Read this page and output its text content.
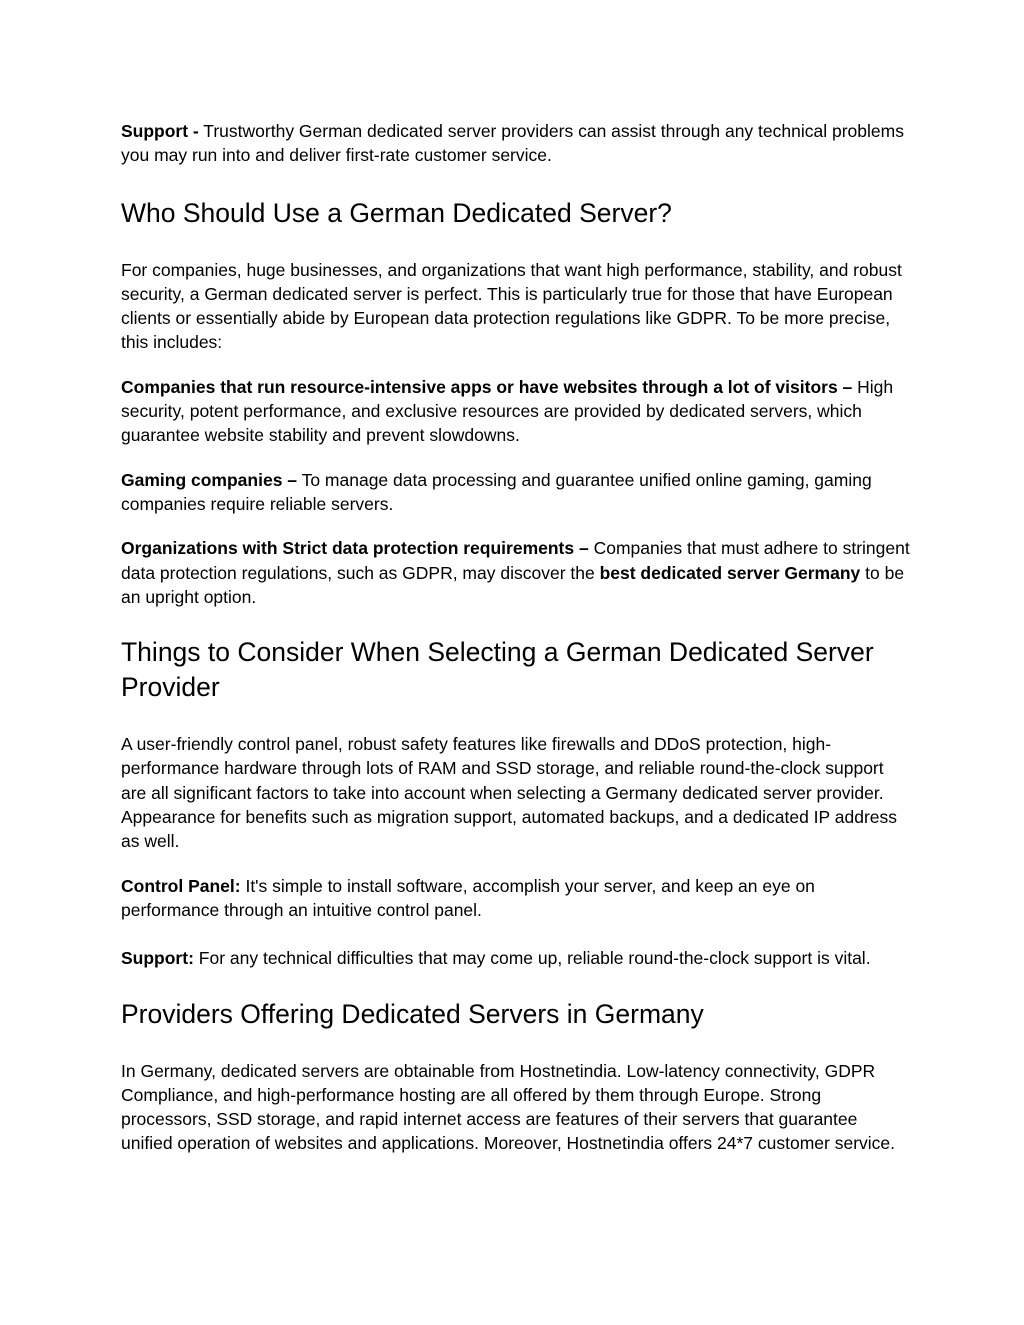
Support - Trustworthy German dedicated server providers can assist through any technical problems you may run into and deliver first-rate customer service.

Who Should Use a German Dedicated Server?

For companies, huge businesses, and organizations that want high performance, stability, and robust security, a German dedicated server is perfect. This is particularly true for those that have European clients or essentially abide by European data protection regulations like GDPR. To be more precise, this includes:

Companies that run resource-intensive apps or have websites through a lot of visitors – High security, potent performance, and exclusive resources are provided by dedicated servers, which guarantee website stability and prevent slowdowns.

Gaming companies – To manage data processing and guarantee unified online gaming, gaming companies require reliable servers.

Organizations with Strict data protection requirements – Companies that must adhere to stringent data protection regulations, such as GDPR, may discover the best dedicated server Germany to be an upright option.

Things to Consider When Selecting a German Dedicated Server Provider

A user-friendly control panel, robust safety features like firewalls and DDoS protection, high-performance hardware through lots of RAM and SSD storage, and reliable round-the-clock support are all significant factors to take into account when selecting a Germany dedicated server provider. Appearance for benefits such as migration support, automated backups, and a dedicated IP address as well.

Control Panel: It's simple to install software, accomplish your server, and keep an eye on performance through an intuitive control panel.

Support: For any technical difficulties that may come up, reliable round-the-clock support is vital.

Providers Offering Dedicated Servers in Germany

In Germany, dedicated servers are obtainable from Hostnetindia. Low-latency connectivity, GDPR Compliance, and high-performance hosting are all offered by them through Europe. Strong processors, SSD storage, and rapid internet access are features of their servers that guarantee unified operation of websites and applications. Moreover, Hostnetindia offers 24*7 customer service.
